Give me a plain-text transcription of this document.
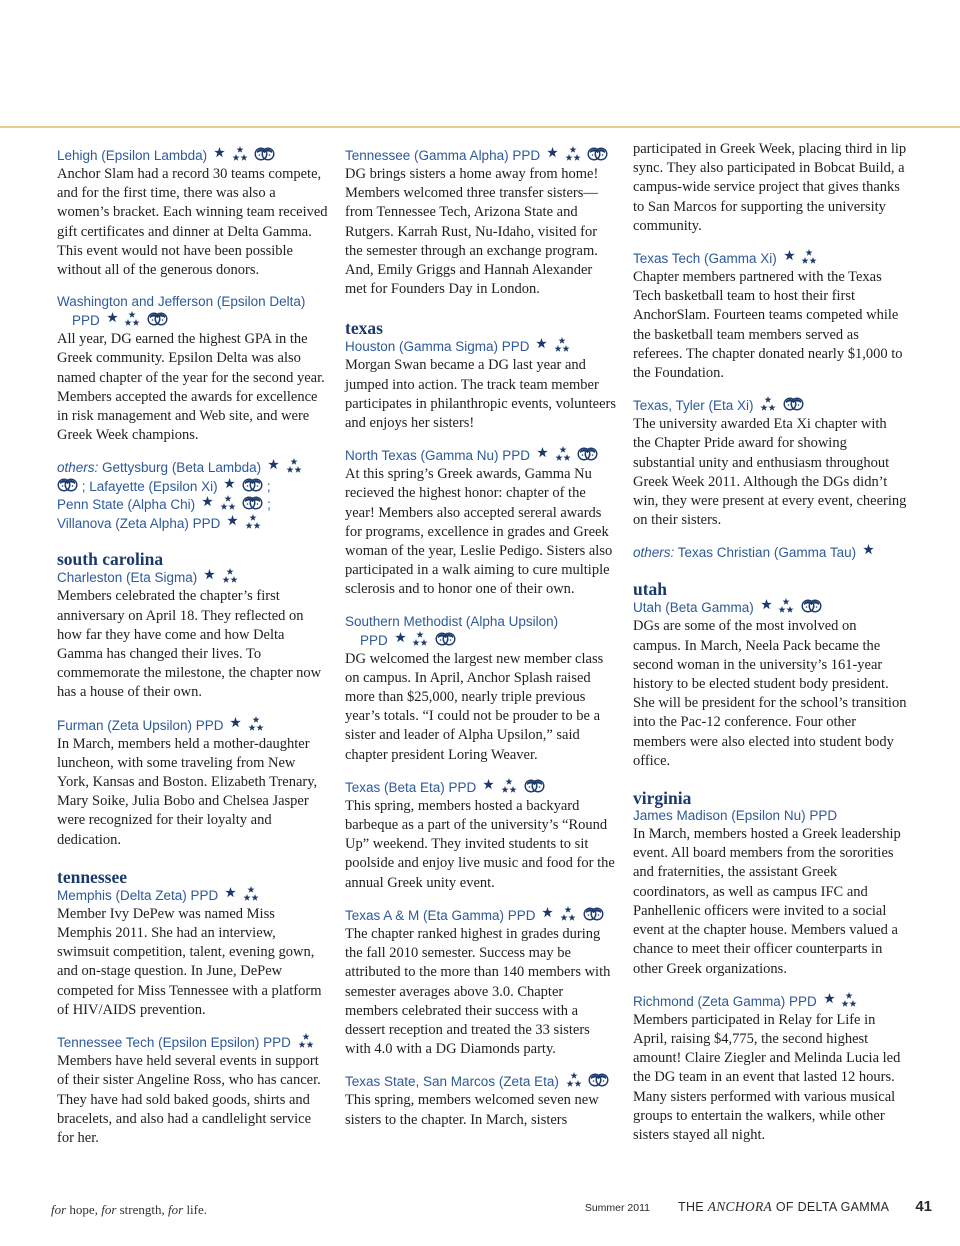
Lehigh (Epsilon Lambda)

Anchor Slam had a record 30 teams compete, and for the first time, there was also a women’s bracket. Each winning team received gift certificates and dinner at Delta Gamma. This event would not have been possible without all of the generous donors.

Washington and Jefferson (Epsilon Delta)
PPD

All year, DG earned the highest GPA in the Greek community. Epsilon Delta was also named chapter of the year for the second year. Members accepted the awards for excellence in risk management and Web site, and were Greek Week champions.

others: Gettysburg (Beta Lambda)

; Lafayette (Epsilon Xi)
	;
Penn State (Alpha Chi)

	;
Villanova (Zeta Alpha) PPD

south carolina
Charleston (Eta Sigma)

Members celebrated the chapter’s first anniversary on April 18. They reflected on how far they have come and how Delta Gamma has changed their lives. To commemorate the milestone, the chapter now has a house of their own.

Furman (Zeta Upsilon) PPD

In March, members held a mother-daughter luncheon, with some traveling from New York, Kansas and Boston. Elizabeth Trenary, Mary Soike, Julia Bobo and Chelsea Jasper were recognized for their loyalty and dedication.

tennessee
Memphis (Delta Zeta) PPD

Member Ivy DePew was named Miss Memphis 2011. She had an interview, swimsuit competition, talent, evening gown, and on-stage question. In June, DePew competed for Miss Tennessee with a platform of HIV/AIDS prevention.

Tennessee Tech (Epsilon Epsilon) PPD

Members have held several events in support of their sister Angeline Ross, who has cancer. They have had sold baked goods, shirts and bracelets, and also had a candlelight service for her.

Tennessee (Gamma Alpha) PPD

DG brings sisters a home away from home! Members welcomed three transfer sisters—from Tennessee Tech, Arizona State and Rutgers. Karrah Rust, Nu-Idaho, visited for the semester through an exchange program. And, Emily Griggs and Hannah Alexander met for Founders Day in London.

texas
Houston (Gamma Sigma) PPD

Morgan Swan became a DG last year and jumped into action. The track team member participates in philanthropic events, volunteers and enjoys her sisters!

North Texas (Gamma Nu) PPD

At this spring’s Greek awards, Gamma Nu recieved the highest honor: chapter of the year! Members also accepted sereral awards for programs, excellence in grades and Greek woman of the year, Leslie Pedigo. Sisters also participated in a walk aiming to cure multiple sclerosis and to honor one of their own.

Southern Methodist (Alpha Upsilon)
PPD

DG welcomed the largest new member class on campus. In April, Anchor Splash raised more than $25,000, nearly triple previous year’s totals. “I could not be prouder to be a sister and leader of Alpha Upsilon,” said chapter president Loring Weaver.

Texas (Beta Eta) PPD

This spring, members hosted a backyard barbeque as a part of the university’s “Round Up” weekend. They invited students to sit poolside and enjoy live music and food for the annual Greek unity event.

Texas A & M (Eta Gamma) PPD

The chapter ranked highest in grades during the fall 2010 semester. Success may be attributed to the more than 140 members with semester averages above 3.0. Chapter members celebrated their success with a dessert reception and treated the 33 sisters with 4.0 with a DG Diamonds party.

Texas State, San Marcos (Zeta Eta)

This spring, members welcomed seven new sisters to the chapter. In March, sisters

participated in Greek Week, placing third in lip sync. They also participated in Bobcat Build, a campus-wide service project that gives thanks to San Marcos for supporting the university community.

Texas Tech (Gamma Xi)

Chapter members partnered with the Texas Tech basketball team to host their first AnchorSlam. Fourteen teams competed while the basketball team members served as referees. The chapter donated nearly $1,000 to the Foundation.

Texas, Tyler (Eta Xi)

The university awarded Eta Xi chapter with the Chapter Pride award for showing substantial unity and enthusiasm throughout Greek Week 2011. Although the DGs didn’t win, they were present at every event, cheering on their sisters.

others: Texas Christian (Gamma Tau)
utah
Utah (Beta Gamma)

DGs are some of the most involved on campus. In March, Neela Pack became the second woman in the university’s 161-year history to be elected student body president. She will be president for the school’s transition into the Pac-12 conference. Four other members were also elected into student body office.

virginia
James Madison (Epsilon Nu) PPD

In March, members hosted a Greek leadership event. All board members from the sororities and fraternities, the assistant Greek coordinators, as well as campus IFC and Panhellenic officers were invited to a social event at the chapter house. Members valued a chance to meet their officer counterparts in other Greek organizations.

Richmond (Zeta Gamma) PPD

Members participated in Relay for Life in April, raising $4,775, the second highest amount! Claire Ziegler and Melinda Lucia led the DG team in an event that lasted 12 hours. Many sisters performed with various musical groups to entertain the walkers, while other sisters stayed all night.

for hope, for strength, for life.	Summer 2011 THE ANCHORA OF DELTA GAMMA 41
